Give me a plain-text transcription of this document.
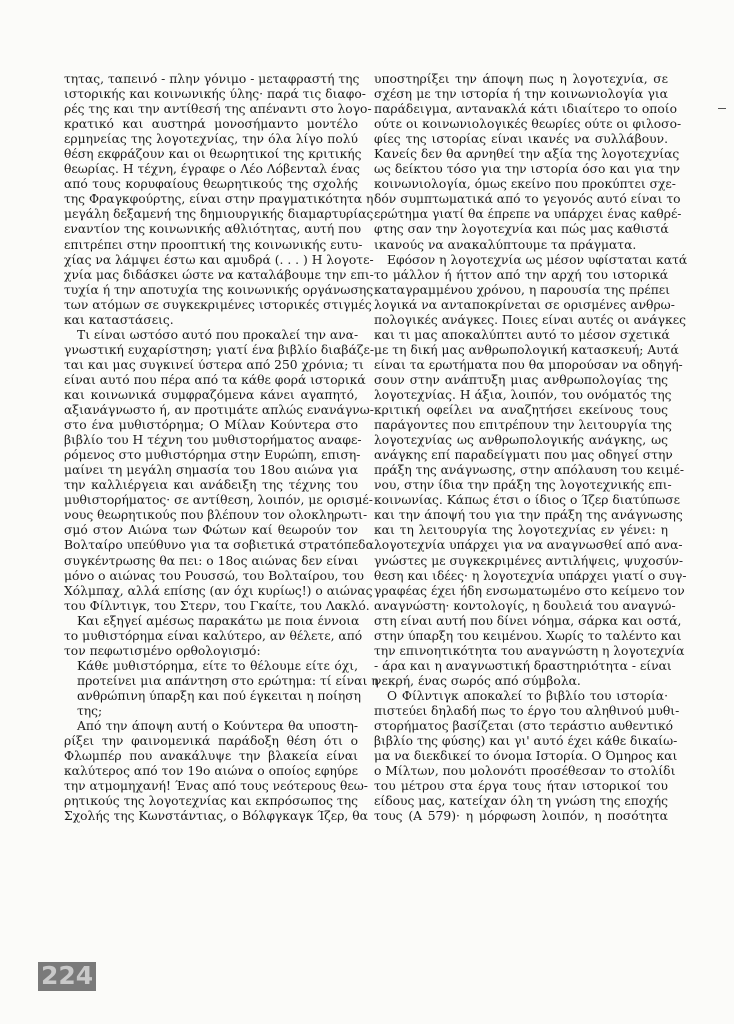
τητας, ταπεινό - πλην γόνιμο - μεταφραστή της
ιστορικής και κοινωνικής ύλης· παρά τις διαφο-
ρές της και την αντίθεσή της απέναντι στο λογο-
κρατικό και αυστηρά μονοσήμαντο μοντέλο
ερμηνείας της λογοτεχνίας, την όλα λίγο πολύ
θέση εκφράζουν και οι θεωρητικοί της κριτικής
θεωρίας. Η τέχνη, έγραφε ο Λέο Λόβενταλ ένας
από τους κορυφαίους θεωρητικούς της σχολής
της Φραγκφούρτης, είναι στην πραγματικότητα η
μεγάλη δεξαμενή της δημιουργικής διαμαρτυρίας
εναντίον της κοινωνικής αθλιότητας, αυτή που
επιτρέπει στην προοπτική της κοινωνικής ευτυ-
χίας να λάμψει έστω και αμυδρά (. . . ) Η λογοτε-
χνία μας διδάσκει ώστε να καταλάβουμε την επι-
τυχία ή την αποτυχία της κοινωνικής οργάνωσης
των ατόμων σε συγκεκριμένες ιστορικές στιγμές
και καταστάσεις.
Τι είναι ωστόσο αυτό που προκαλεί την ανα-
γνωστική ευχαρίστηση; γιατί ένα βιβλίο διαβάζε-
ται και μας συγκινεί ύστερα από 250 χρόνια; τι
είναι αυτό που πέρα από τα κάθε φορά ιστορικά
και κοινωνικά συμφραζόμενα κάνει αγαπητό,
αξιανάγνωστο ή, αν προτιμάτε απλώς ενανάγνω-
στο ένα μυθιστόρημα; Ο Μίλαν Κούντερα στο
βιβλίο του Η τέχνη του μυθιστορήματος αναφε-
ρόμενος στο μυθιστόρημα στην Ευρώπη, επιση-
μαίνει τη μεγάλη σημασία του 18ου αιώνα για
την καλλιέργεια και ανάδειξη της τέχνης του
μυθιστορήματος· σε αντίθεση, λοιπόν, με ορισμέ-
νους θεωρητικούς που βλέπουν τον ολοκληρωτι-
σμό στον Αιώνα των Φώτων καί θεωρούν τον
Βολταίρο υπεύθυνο για τα σοβιετικά στρατόπεδα
συγκέντρωσης θα πει: ο 18ος αιώνας δεν είναι
μόνο ο αιώνας του Ρουσσώ, του Βολταίρου, του
Χόλμπαχ, αλλά επίσης (αν όχι κυρίως!) ο αιώνας
του Φίλντιγκ, του Στερν, του Γκαίτε, του Λακλό.
Και εξηγεί αμέσως παρακάτω με ποια έννοια
το μυθιστόρημα είναι καλύτερο, αν θέλετε, από
τον πεφωτισμένο ορθολογισμό:
Κάθε μυθιστόρημα, είτε το θέλουμε είτε όχι,
προτείνει μια απάντηση στο ερώτημα: τί είναι η
ανθρώπινη ύπαρξη και πού έγκειται η ποίηση
της;
Από την άποψη αυτή ο Κούντερα θα υποστη-
ρίξει την φαινομενικά παράδοξη θέση ότι ο
Φλωμπέρ που ανακάλυψε την βλακεία είναι
καλύτερος από τον 19ο αιώνα ο οποίος εφηύρε
την ατμομηχανή! Ένας από τους νεότερους θεω-
ρητικούς της λογοτεχνίας και εκπρόσωπος της
Σχολής της Κωνστάντιας, ο Βόλφγκαγκ Ίζερ, θα
υποστηρίξει την άποψη πως η λογοτεχνία, σε
σχέση με την ιστορία ή την κοινωνιολογία για
παράδειγμα, αντανακλά κάτι ιδιαίτερο το οποίο
ούτε οι κοινωνιολογικές θεωρίες ούτε οι φιλοσο-
φίες της ιστορίας είναι ικανές να συλλάβουν.
Κανείς δεν θα αρνηθεί την αξία της λογοτεχνίας
ως δείκτου τόσο για την ιστορία όσο και για την
κοινωνιολογία, όμως εκείνο που προκύπτει σχε-
δόν συμπτωματικά από το γεγονός αυτό είναι το
ερώτημα γιατί θα έπρεπε να υπάρχει ένας καθρέ-
φτης σαν την λογοτεχνία και πώς μας καθιστά
ικανούς να ανακαλύπτουμε τα πράγματα.
Εφόσον η λογοτεχνία ως μέσον υφίσταται κατά
το μάλλον ή ήττον από την αρχή του ιστορικά
καταγραμμένου χρόνου, η παρουσία της πρέπει
λογικά να ανταποκρίνεται σε ορισμένες ανθρω-
πολογικές ανάγκες. Ποιες είναι αυτές οι ανάγκες
και τι μας αποκαλύπτει αυτό το μέσον σχετικά
με τη δική μας ανθρωπολογική κατασκευή; Αυτά
είναι τα ερωτήματα που θα μπορούσαν να οδηγή-
σουν στην ανάπτυξη μιας ανθρωπολογίας της
λογοτεχνίας. Η άξια, λοιπόν, του ονόματός της
κριτική οφείλει να αναζητήσει εκείνους τους
παράγοντες που επιτρέπουν την λειτουργία της
λογοτεχνίας ως ανθρωπολογικής ανάγκης, ως
ανάγκης επί παραδείγματι που μας οδηγεί στην
πράξη της ανάγνωσης, στην απόλαυση του κειμέ-
νου, στην ίδια την πράξη της λογοτεχνικής επι-
κοινωνίας. Κάπως έτσι ο ίδιος ο Ίζερ διατύπωσε
και την άποψή του για την πράξη της ανάγνωσης
και τη λειτουργία της λογοτεχνίας εν γένει: η
λογοτεχνία υπάρχει για να αναγνωσθεί από ανα-
γνώστες με συγκεκριμένες αντιλήψεις, ψυχοσύν-
θεση και ιδέες· η λογοτεχνία υπάρχει γιατί ο συγ-
γραφέας έχει ήδη ενσωματωμένο στο κείμενο τον
αναγνώστη· κοντολογίς, η δουλειά του αναγνώ-
στη είναι αυτή που δίνει νόημα, σάρκα και οστά,
στην ύπαρξη του κειμένου. Χωρίς το ταλέντο και
την επινοητικότητα του αναγνώστη η λογοτεχνία
- άρα και η αναγνωστική δραστηριότητα - είναι
νεκρή, ένας σωρός από σύμβολα.
Ο Φίλντιγκ αποκαλεί το βιβλίο του ιστορία·
πιστεύει δηλαδή πως το έργο του αληθινού μυθι-
στορήματος βασίζεται (στο τεράστιο αυθεντικό
βιβλίο της φύσης) και γι' αυτό έχει κάθε δικαίω-
μα να διεκδικεί το όνομα Ιστορία. Ο Όμηρος και
ο Μίλτων, που μολονότι προσέθεσαν το στολίδι
του μέτρου στα έργα τους ήταν ιστορικοί του
είδους μας, κατείχαν όλη τη γνώση της εποχής
τους (Α 579)· η μόρφωση λοιπόν, η ποσότητα
224
